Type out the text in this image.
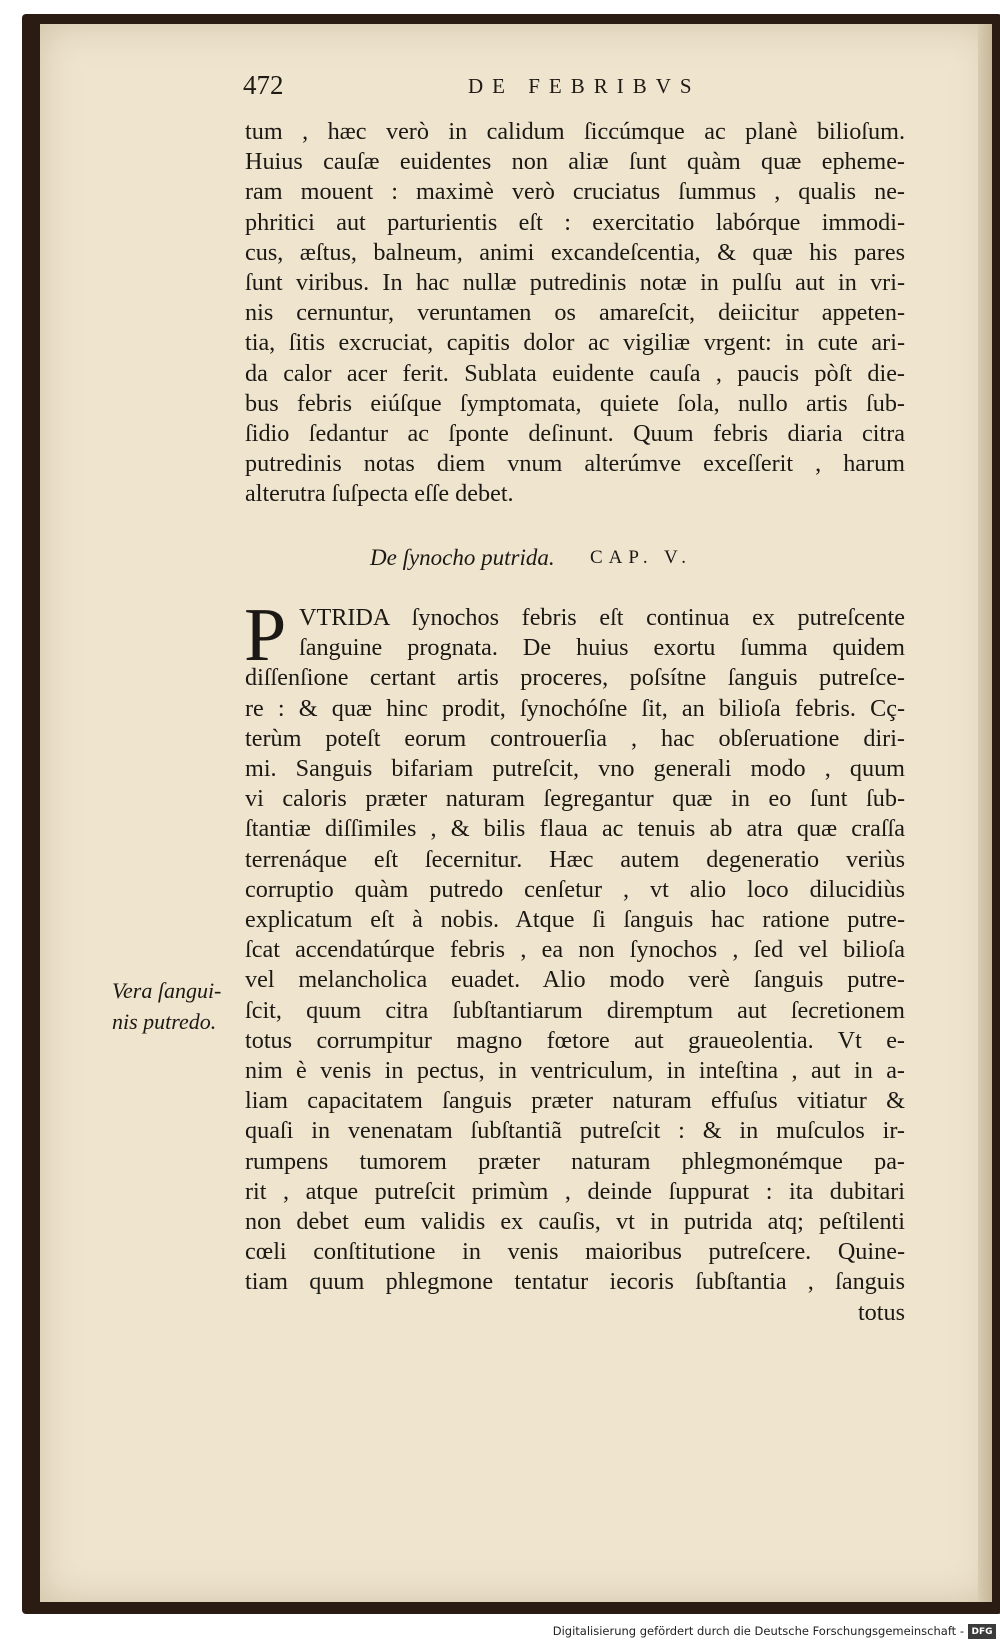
472	DE FEBRIBVS
tum , hæc verò in calidum ſiccúmque ac planè bilioſum.
Huius cauſæ euidentes non aliæ ſunt quàm quæ epheme-
ram mouent : maximè verò cruciatus ſummus , qualis ne-
phritici aut parturientis eſt : exercitatio labórque immodi-
cus, æſtus, balneum, animi excandeſcentia, & quæ his pares
ſunt viribus. In hac nullæ putredinis notæ in pulſu aut in vri-
nis cernuntur, veruntamen os amareſcit, deiicitur appeten-
tia, ſitis excruciat, capitis dolor ac vigiliæ vrgent: in cute ari-
da calor acer ferit. Sublata euidente cauſa , paucis pòſt die-
bus febris eiúſque ſymptomata, quiete ſola, nullo artis ſub-
ſidio ſedantur ac ſponte deſinunt. Quum febris diaria citra
putredinis notas diem vnum alterúmve exceſſerit , harum
alterutra ſuſpecta eſſe debet.
De ſynocho putrida. CAP. V.
P VTRIDA ſynochos febris eſt continua ex putreſcente
ſanguine prognata. De huius exortu ſumma quidem
diſſenſione certant artis proceres, poſsítne ſanguis putreſce-
re : & quæ hinc prodit, ſynochóſne ſit, an bilioſa febris. Cç-
terùm poteſt eorum controuerſia , hac obſeruatione diri-
mi. Sanguis bifariam putreſcit, vno generali modo , quum
vi caloris præter naturam ſegregantur quæ in eo ſunt ſub-
ſtantiæ diſſimiles , & bilis flaua ac tenuis ab atra quæ craſſa
terrenáque eſt ſecernitur. Hæc autem degeneratio veriùs
corruptio quàm putredo cenſetur , vt alio loco dilucidiùs
explicatum eſt à nobis. Atque ſi ſanguis hac ratione putre-
ſcat accendatúrque febris , ea non ſynochos , ſed vel bilioſa
vel melancholica euadet. Alio modo verè ſanguis putre-
ſcit, quum citra ſubſtantiarum diremptum aut ſecretionem
totus corrumpitur magno fœtore aut graueolentia. Vt e-
nim è venis in pectus, in ventriculum, in inteſtina , aut in a-
liam capacitatem ſanguis præter naturam effuſus vitiatur &
quaſi in venenatam ſubſtantiã putreſcit : & in muſculos ir-
rumpens tumorem præter naturam phlegmonémque pa-
rit , atque putreſcit primùm , deinde ſuppurat : ita dubitari
non debet eum validis ex cauſis, vt in putrida atq; peſtilenti
cœli conſtitutione in venis maioribus putreſcere. Quine-
tiam quum phlegmone tentatur iecoris ſubſtantia , ſanguis
totus
Vera ſangui-
nis putredo.
Digitalisierung gefördert durch die Deutsche Forschungsgemeinschaft - DFG
